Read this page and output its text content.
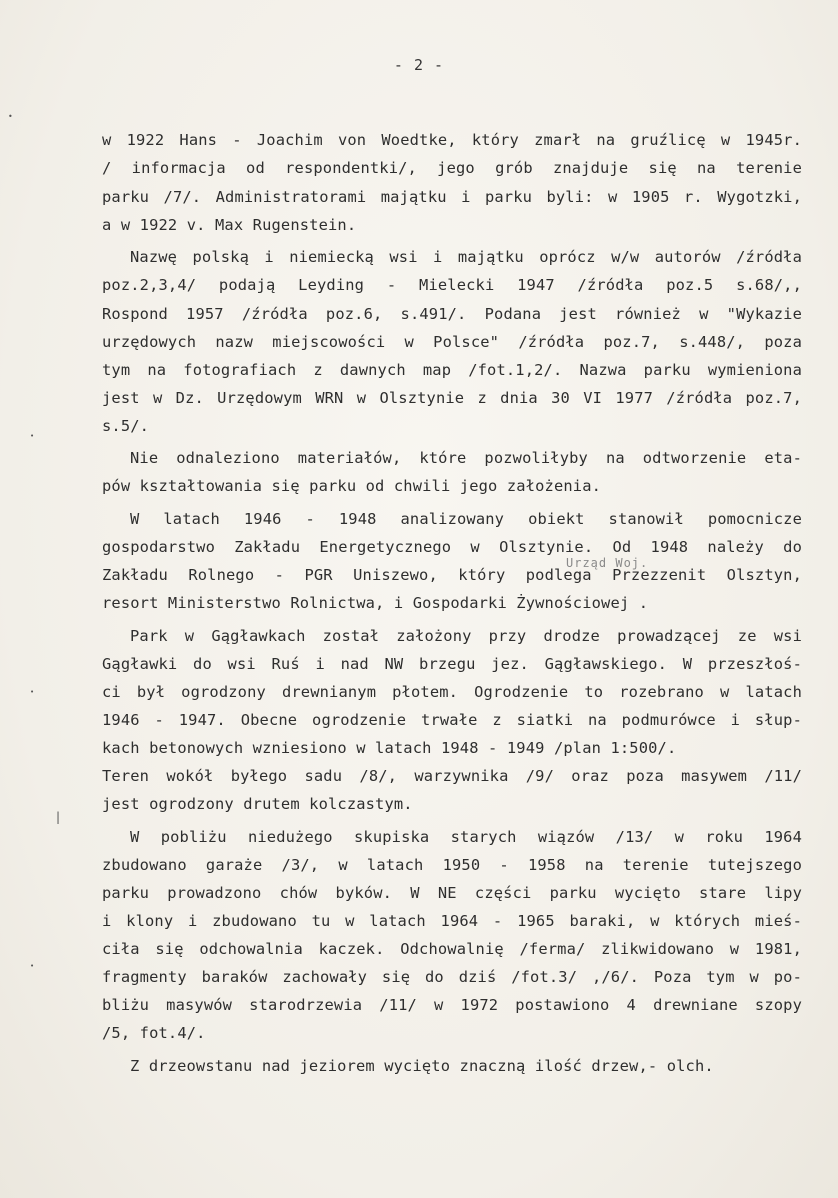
- 2 -
w 1922 Hans - Joachim von Woedtke, który zmarł na gruźlicę w 1945r.
/ informacja od respondentki/, jego grób znajduje się na terenie
parku /7/. Administratorami majątku i parku byli: w 1905 r. Wygotzki,
a w 1922 v. Max Rugenstein.
Nazwę polską i niemiecką wsi i majątku oprócz w/w autorów /źródła
poz.2,3,4/ podają Leyding - Mielecki 1947 /źródła poz.5 s.68/,,
Rospond 1957 /źródła poz.6, s.491/. Podana jest również w "Wykazie
urzędowych nazw miejscowości w Polsce" /źródła poz.7, s.448/, poza
tym na fotografiach z dawnych map /fot.1,2/. Nazwa parku wymieniona
jest w Dz. Urzędowym WRN w Olsztynie z dnia 30 VI 1977 /źródła poz.7,
s.5/.
Nie odnaleziono materiałów, które pozwoliłyby na odtworzenie eta-
pów kształtowania się parku od chwili jego założenia.
W latach 1946 - 1948 analizowany obiekt stanowił pomocnicze
gospodarstwo Zakładu Energetycznego w Olsztynie. Od 1948 należy do
Zakładu Rolnego - PGR Uniszewo, który podlega Przezzenit Olsztyn,
Urząd Woj.
resort Ministerstwo Rolnictwa, i Gospodarki Żywnościowej .
Park w Gągławkach został założony przy drodze prowadzącej ze wsi
Gągławki do wsi Ruś i nad NW brzegu jez. Gągławskiego. W przeszłoś-
ci był ogrodzony drewnianym płotem. Ogrodzenie to rozebrano w latach
1946 - 1947. Obecne ogrodzenie trwałe z siatki na podmurówce i słup-
kach betonowych wzniesiono w latach 1948 - 1949 /plan 1:500/.
Teren wokół byłego sadu /8/, warzywnika /9/ oraz poza masywem /11/
jest ogrodzony drutem kolczastym.
W pobliżu niedużego skupiska starych wiązów /13/ w roku 1964
zbudowano garaże /3/, w latach 1950 - 1958 na terenie tutejszego
parku prowadzono chów byków. W NE części parku wycięto stare lipy
i klony i zbudowano tu w latach 1964 - 1965 baraki, w których mieś-
ciła się odchowalnia kaczek. Odchowalnię /ferma/ zlikwidowano w 1981,
fragmenty baraków zachowały się do dziś /fot.3/ ,/6/. Poza tym w po-
bliżu masywów starodrzewia /11/ w 1972 postawiono 4 drewniane szopy
/5, fot.4/.
Z drzeowstanu nad jeziorem wycięto znaczną ilość drzew,- olch.
•
•
•
|
•
